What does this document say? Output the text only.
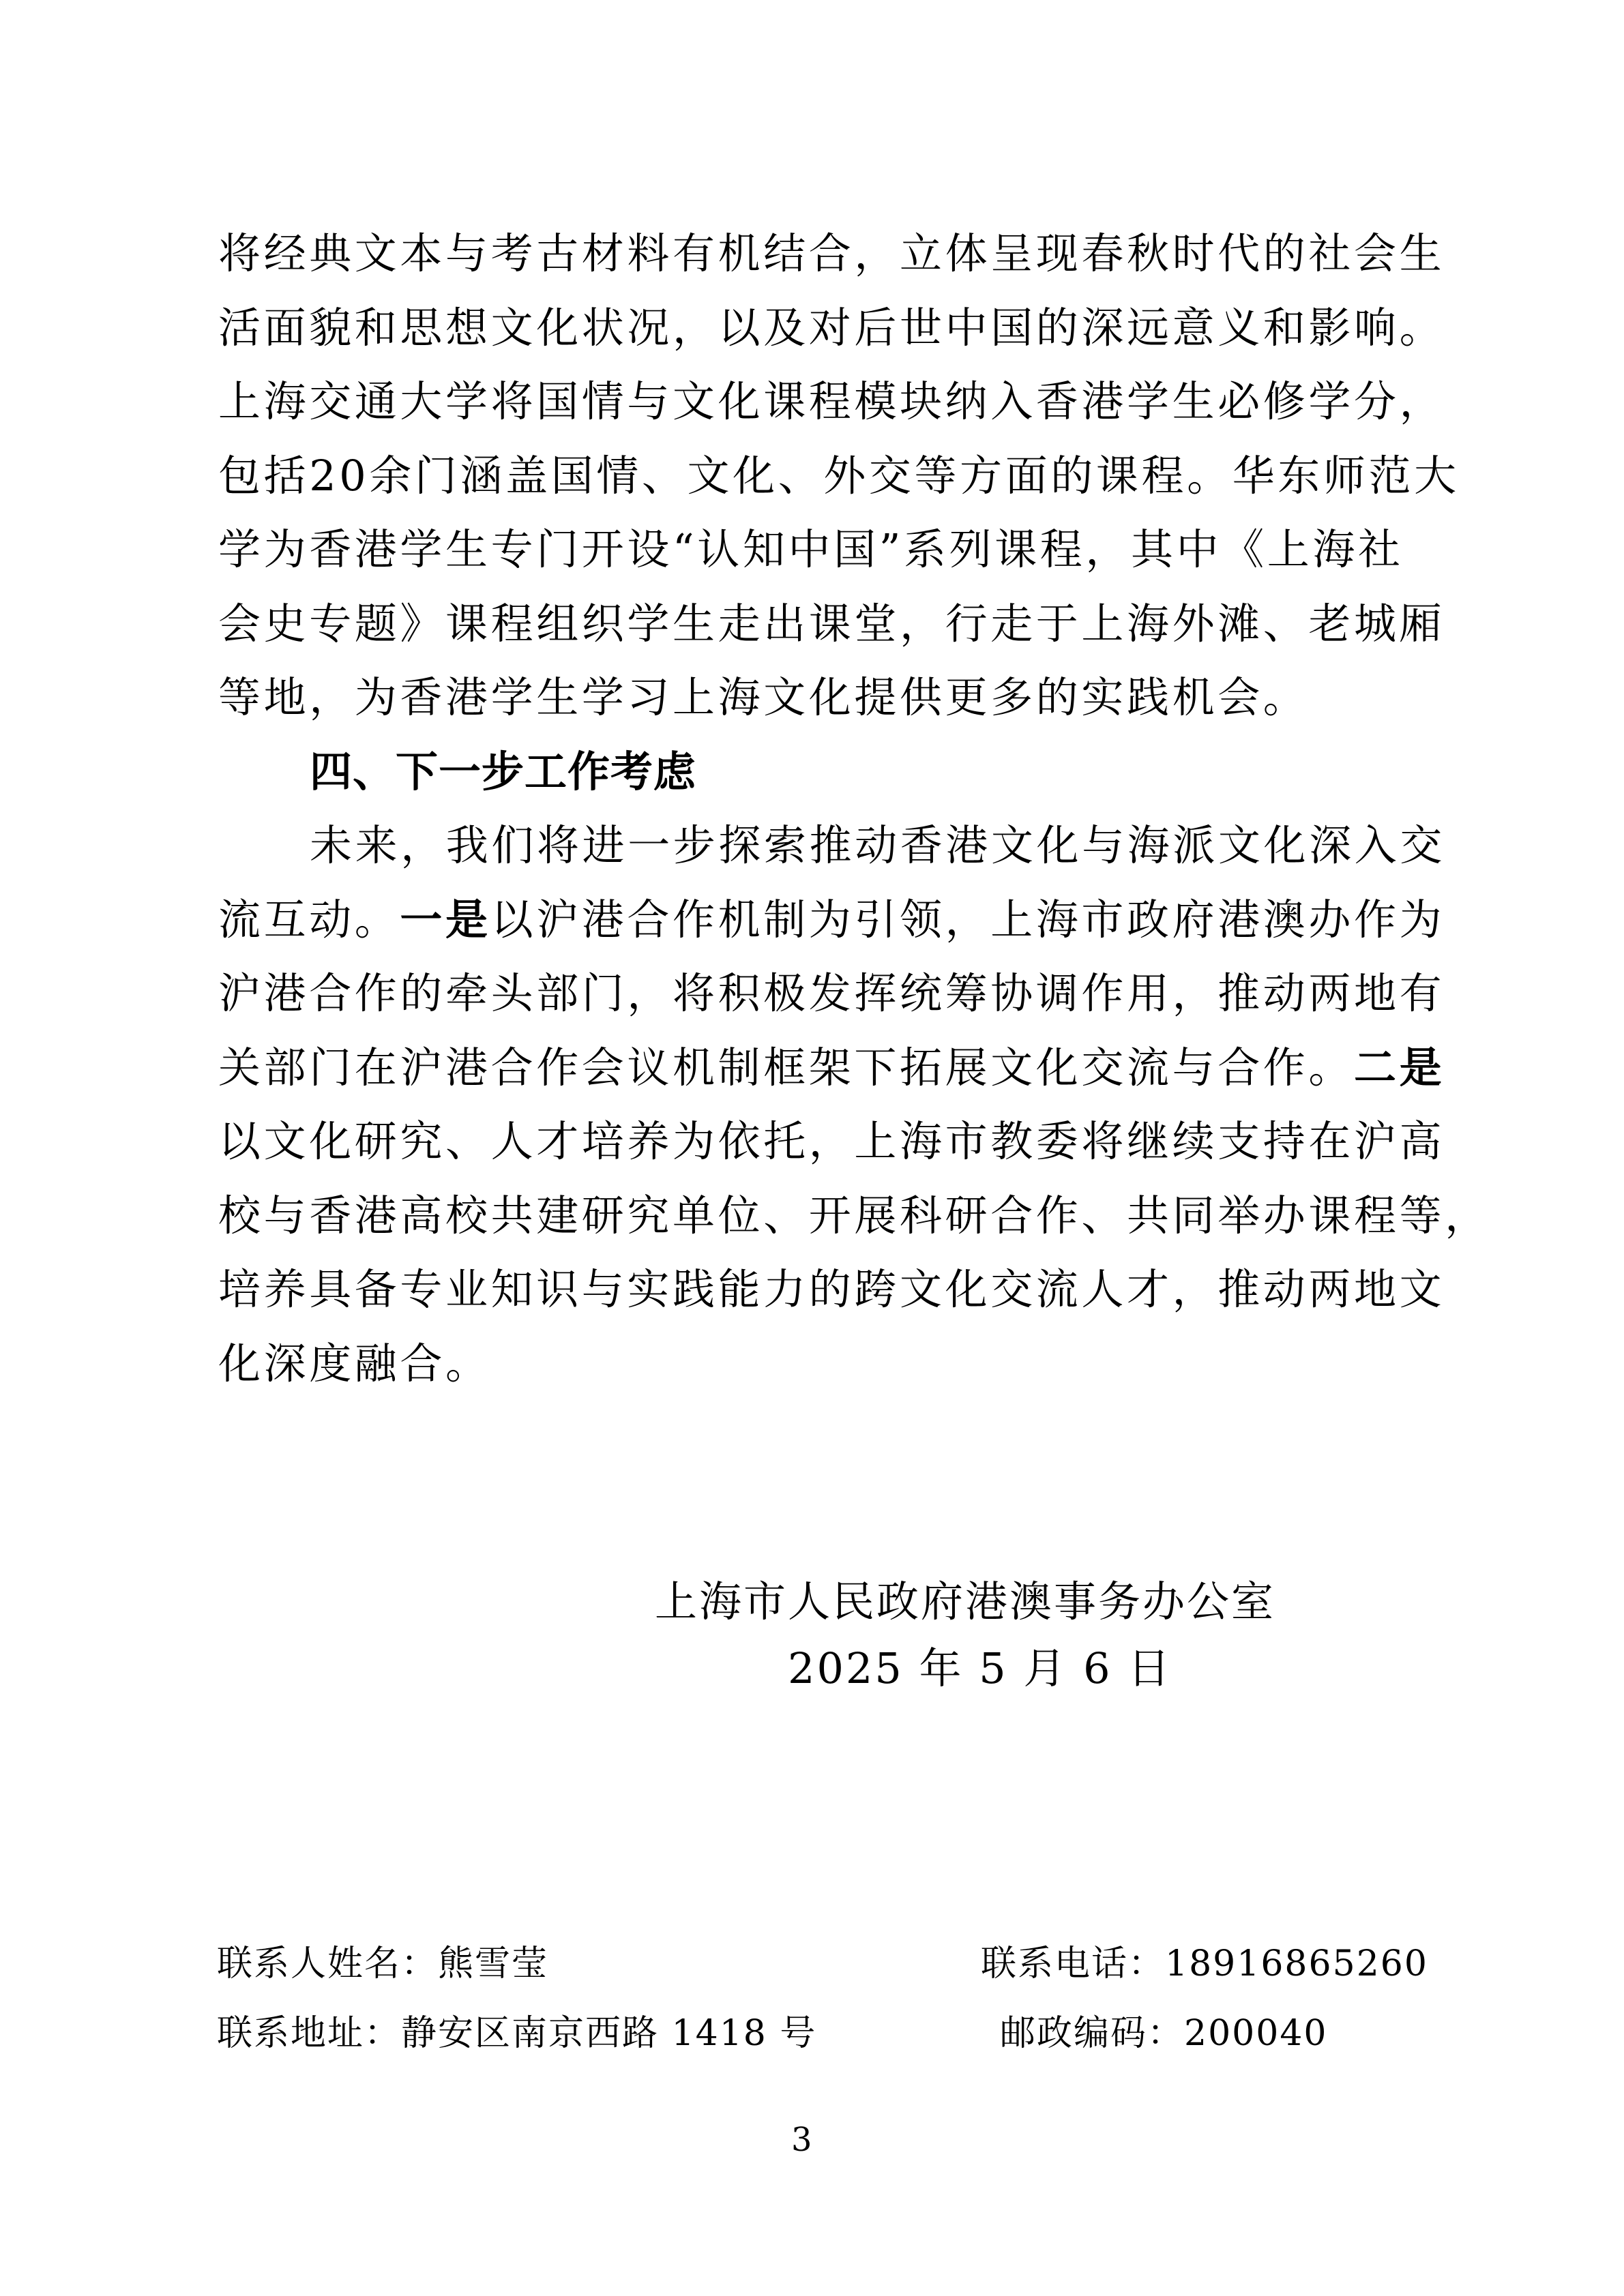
将经典文本与考古材料有机结合，立体呈现春秋时代的社会生
活面貌和思想文化状况，以及对后世中国的深远意义和影响。
上海交通大学将国情与文化课程模块纳入香港学生必修学分，
包括20余门涵盖国情、文化、外交等方面的课程。华东师范大
学为香港学生专门开设“认知中国”系列课程，其中《上海社
会史专题》课程组织学生走出课堂，行走于上海外滩、老城厢
等地，为香港学生学习上海文化提供更多的实践机会。
四、下一步工作考虑
未来，我们将进一步探索推动香港文化与海派文化深入交
流互动。一是以沪港合作机制为引领，上海市政府港澳办作为
沪港合作的牵头部门，将积极发挥统筹协调作用，推动两地有
关部门在沪港合作会议机制框架下拓展文化交流与合作。二是
以文化研究、人才培养为依托，上海市教委将继续支持在沪高
校与香港高校共建研究单位、开展科研合作、共同举办课程等，
培养具备专业知识与实践能力的跨文化交流人才，推动两地文
化深度融合。
上海市人民政府港澳事务办公室
2025 年 5 月 6 日
联系人姓名：熊雪莹	联系电话：18916865260
联系地址：静安区南京西路 1418 号	邮政编码：200040
3
